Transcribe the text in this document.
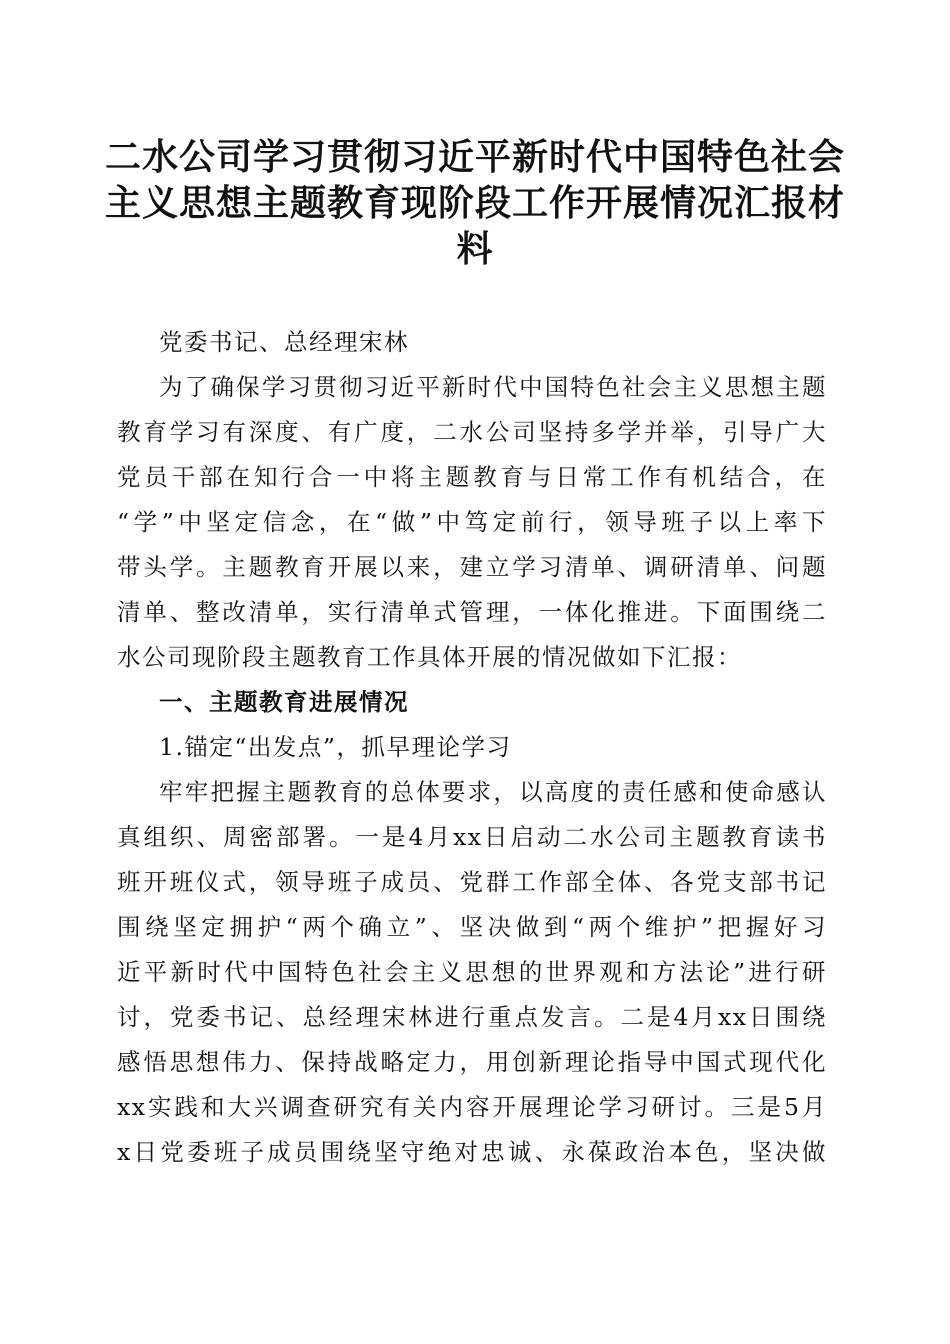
二水公司学习贯彻习近平新时代中国特色社会
主义思想主题教育现阶段工作开展情况汇报材
料
党委书记、总经理宋林
为了确保学习贯彻习近平新时代中国特色社会主义思想主题
教育学习有深度、有广度，二水公司坚持多学并举，引导广大
党员干部在知行合一中将主题教育与日常工作有机结合，在
“学”中坚定信念，在“做”中笃定前行，领导班子以上率下
带头学。主题教育开展以来，建立学习清单、调研清单、问题
清单、整改清单，实行清单式管理，一体化推进。下面围绕二
水公司现阶段主题教育工作具体开展的情况做如下汇报：
一、主题教育进展情况
1.锚定“出发点”，抓早理论学习
牢牢把握主题教育的总体要求，以高度的责任感和使命感认
真组织、周密部署。一是4月xx日启动二水公司主题教育读书
班开班仪式，领导班子成员、党群工作部全体、各党支部书记
围绕坚定拥护“两个确立”、坚决做到“两个维护”把握好习
近平新时代中国特色社会主义思想的世界观和方法论”进行研
讨，党委书记、总经理宋林进行重点发言。二是4月xx日围绕
感悟思想伟力、保持战略定力，用创新理论指导中国式现代化
xx实践和大兴调查研究有关内容开展理论学习研讨。三是5月
x日党委班子成员围绕坚守绝对忠诚、永葆政治本色，坚决做
